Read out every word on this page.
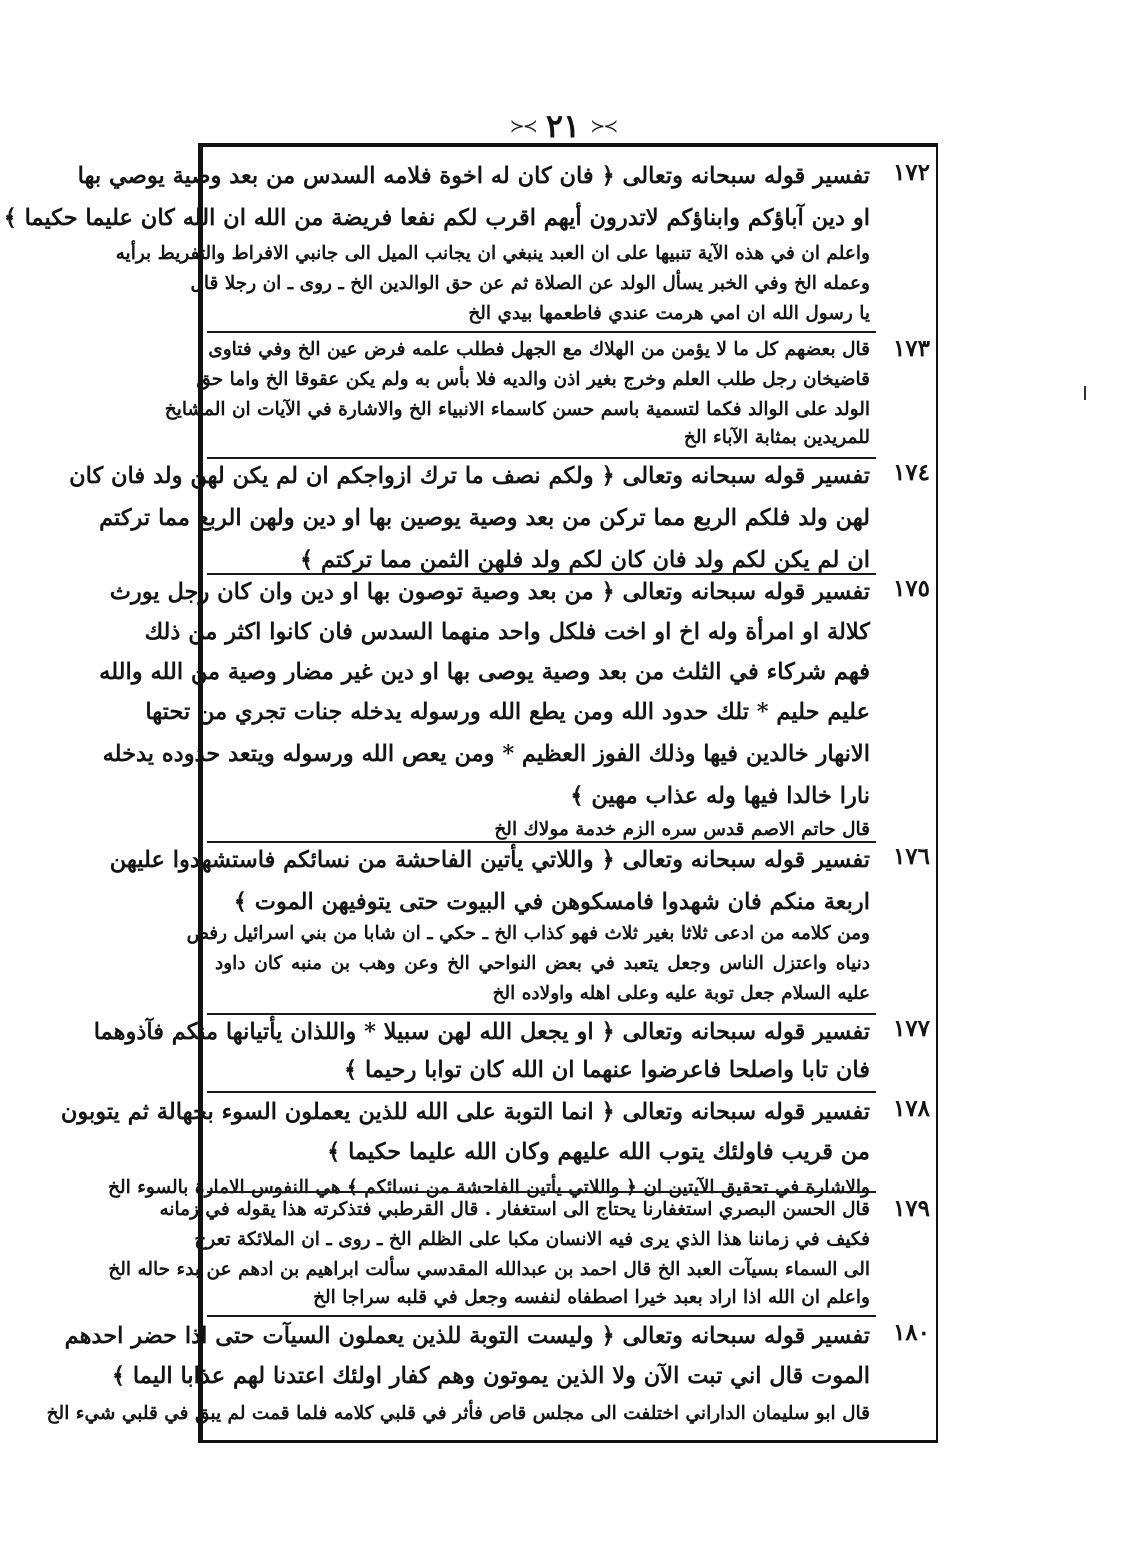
≻≺ ٢١ ≻≺
١٧٢
تفسير قوله سبحانه وتعالى ﴿ فان كان له اخوة فلامه السدس من بعد وصية يوصي بها
او دين آباؤكم وابناؤكم لاتدرون أيهم اقرب لكم نفعا فريضة من الله ان الله كان عليما حكيما ﴾
واعلم ان في هذه الآية تنبيها على ان العبد ينبغي ان يجانب الميل الى جانبي الافراط والتفريط برأيه
وعمله الخ وفي الخبر يسأل الولد عن الصلاة ثم عن حق الوالدين الخ ـ روى ـ ان رجلا قال
يا رسول الله ان امي هرمت عندي فاطعمها بيدي الخ
١٧٣
قال بعضهم كل ما لا يؤمن من الهلاك مع الجهل فطلب علمه فرض عين الخ وفي فتاوى
قاضيخان رجل طلب العلم وخرج بغير اذن والديه فلا بأس به ولم يكن عقوقا الخ واما حق
الولد على الوالد فكما لتسمية باسم حسن كاسماء الانبياء الخ والاشارة في الآيات ان المشايخ
للمريدين بمثابة الآباء الخ
١٧٤
تفسير قوله سبحانه وتعالى ﴿ ولكم نصف ما ترك ازواجكم ان لم يكن لهن ولد فان كان
لهن ولد فلكم الربع مما تركن من بعد وصية يوصين بها او دين ولهن الربع مما تركتم
ان لم يكن لكم ولد فان كان لكم ولد فلهن الثمن مما تركتم ﴾
١٧٥
تفسير قوله سبحانه وتعالى ﴿ من بعد وصية توصون بها او دين وان كان رجل يورث
كلالة او امرأة وله اخ او اخت فلكل واحد منهما السدس فان كانوا اكثر من ذلك
فهم شركاء في الثلث من بعد وصية يوصى بها او دين غير مضار وصية من الله والله
عليم حليم * تلك حدود الله ومن يطع الله ورسوله يدخله جنات تجري من تحتها
الانهار خالدين فيها وذلك الفوز العظيم * ومن يعص الله ورسوله ويتعد حدوده يدخله
نارا خالدا فيها وله عذاب مهين ﴾
قال حاتم الاصم قدس سره الزم خدمة مولاك الخ
١٧٦
تفسير قوله سبحانه وتعالى ﴿ واللاتي يأتين الفاحشة من نسائكم فاستشهدوا عليهن
اربعة منكم فان شهدوا فامسكوهن في البيوت حتى يتوفيهن الموت ﴾
ومن كلامه من ادعى ثلاثا بغير ثلاث فهو كذاب الخ ـ حكي ـ ان شابا من بني اسرائيل رفض
دنياه واعتزل الناس وجعل يتعبد في بعض النواحي الخ وعن وهب بن منبه كان داود
عليه السلام جعل توبة عليه وعلى اهله واولاده الخ
١٧٧
تفسير قوله سبحانه وتعالى ﴿ او يجعل الله لهن سبيلا * واللذان يأتيانها منكم فآذوهما
فان تابا واصلحا فاعرضوا عنهما ان الله كان توابا رحيما ﴾
١٧٨
تفسير قوله سبحانه وتعالى ﴿ انما التوبة على الله للذين يعملون السوء بجهالة ثم يتوبون
من قريب فاولئك يتوب الله عليهم وكان الله عليما حكيما ﴾
والاشارة في تحقيق الآيتين ان ﴿ واللاتي يأتين الفاحشة من نسائكم ﴾ هي النفوس الامارة بالسوء الخ
١٧٩
قال الحسن البصري استغفارنا يحتاج الى استغفار . قال القرطبي فتذكرته هذا يقوله في زمانه
فكيف في زماننا هذا الذي يرى فيه الانسان مكبا على الظلم الخ ـ روى ـ ان الملائكة تعرج
الى السماء بسيآت العبد الخ قال احمد بن عبدالله المقدسي سألت ابراهيم بن ادهم عن بدء حاله الخ
واعلم ان الله اذا اراد بعبد خيرا اصطفاه لنفسه وجعل في قلبه سراجا الخ
١٨٠
تفسير قوله سبحانه وتعالى ﴿ وليست التوبة للذين يعملون السيآت حتى اذا حضر احدهم
الموت قال اني تبت الآن ولا الذين يموتون وهم كفار اولئك اعتدنا لهم عذابا اليما ﴾
قال ابو سليمان الداراني اختلفت الى مجلس قاص فأثر في قلبي كلامه فلما قمت لم يبق في قلبي شيء الخ
